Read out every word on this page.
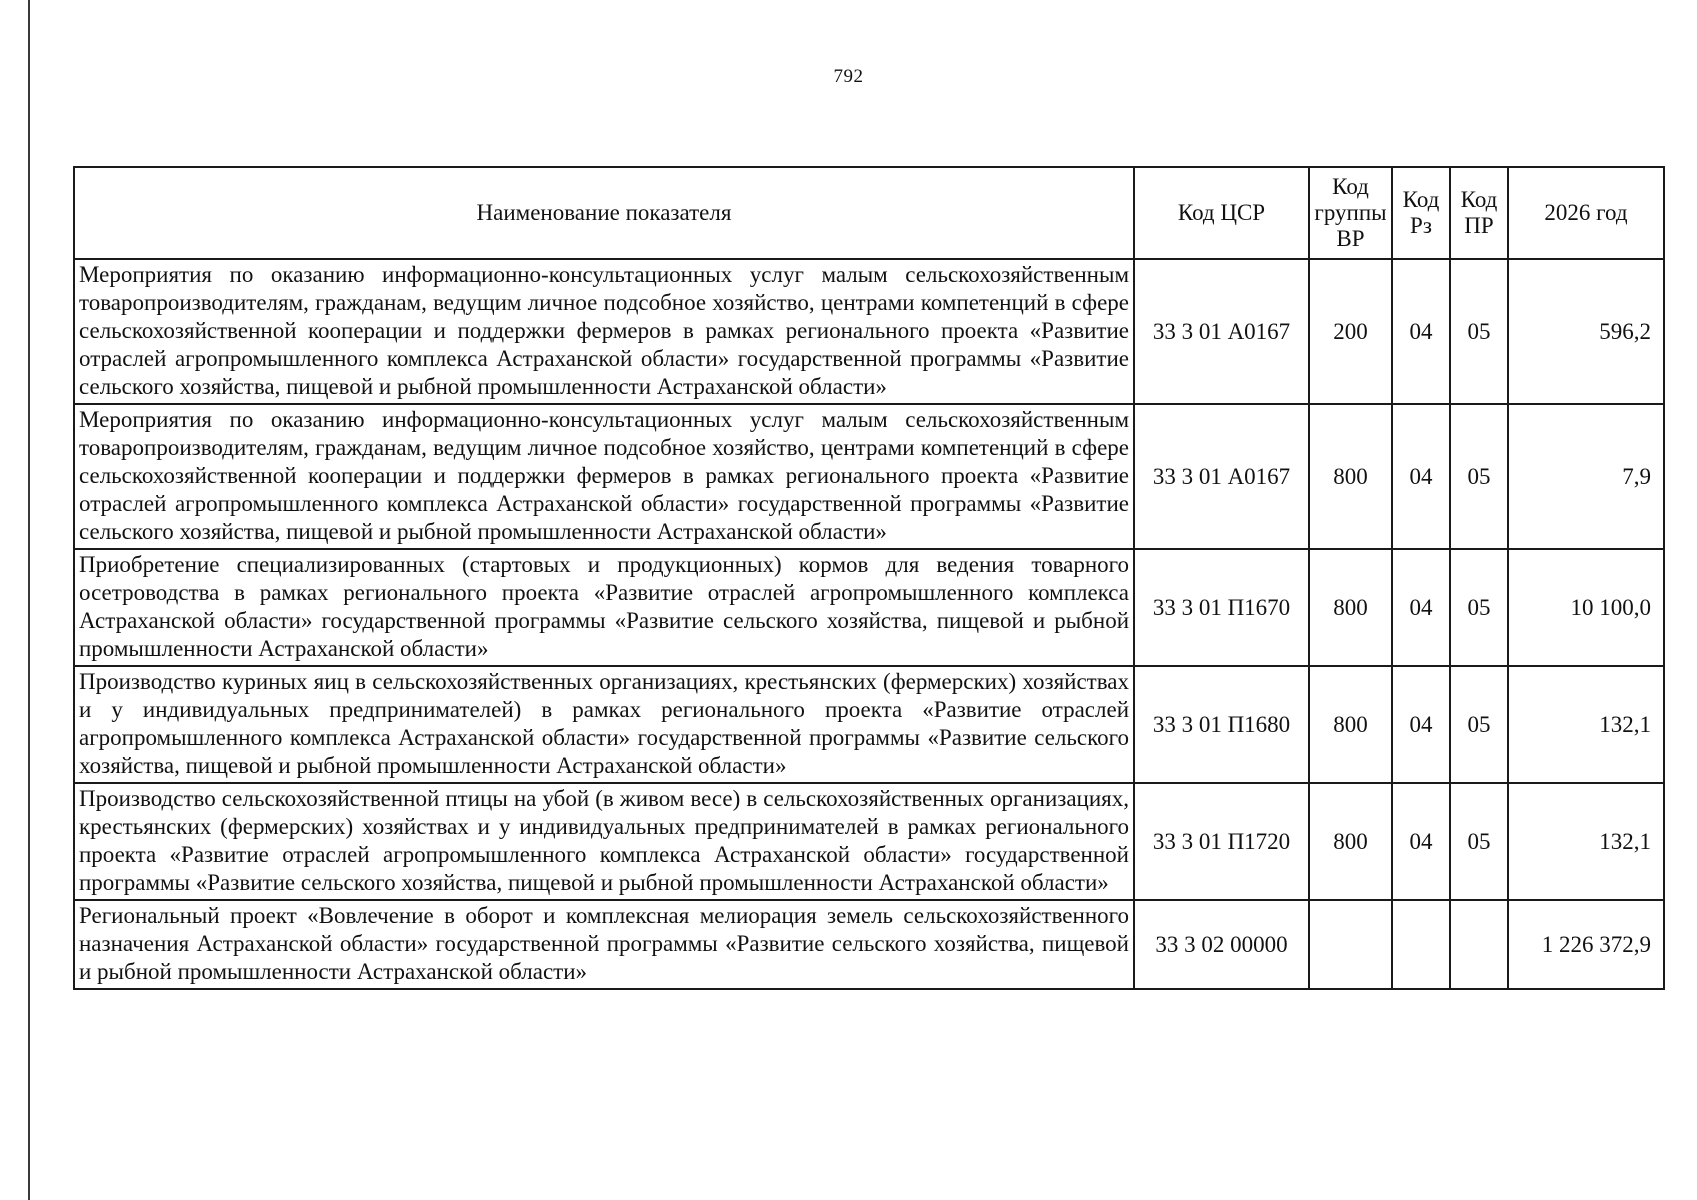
792
Наименование показателя	Код ЦСР	Код группы ВР	Код Рз	Код ПР	2026 год
Мероприятия по оказанию информационно-консультационных услуг малым сельскохозяйственным товаропроизводителям, гражданам, ведущим личное подсобное хозяйство, центрами компетенций в сфере сельскохозяйственной кооперации и поддержки фермеров в рамках регионального проекта «Развитие отраслей агропромышленного комплекса Астраханской области» государственной программы «Развитие сельского хозяйства, пищевой и рыбной промышленности Астраханской области»	33 3 01 А0167	200	04	05	596,2
Мероприятия по оказанию информационно-консультационных услуг малым сельскохозяйственным товаропроизводителям, гражданам, ведущим личное подсобное хозяйство, центрами компетенций в сфере сельскохозяйственной кооперации и поддержки фермеров в рамках регионального проекта «Развитие отраслей агропромышленного комплекса Астраханской области» государственной программы «Развитие сельского хозяйства, пищевой и рыбной промышленности Астраханской области»	33 3 01 А0167	800	04	05	7,9
Приобретение специализированных (стартовых и продукционных) кормов для ведения товарного осетроводства в рамках регионального проекта «Развитие отраслей агропромышленного комплекса Астраханской области» государственной программы «Развитие сельского хозяйства, пищевой и рыбной промышленности Астраханской области»	33 3 01 П1670	800	04	05	10 100,0
Производство куриных яиц в сельскохозяйственных организациях, крестьянских (фермерских) хозяйствах и у индивидуальных предпринимателей) в рамках регионального проекта «Развитие отраслей агропромышленного комплекса Астраханской области» государственной программы «Развитие сельского хозяйства, пищевой и рыбной промышленности Астраханской области»	33 3 01 П1680	800	04	05	132,1
Производство сельскохозяйственной птицы на убой (в живом весе) в сельскохозяйственных организациях, крестьянских (фермерских) хозяйствах и у индивидуальных предпринимателей в рамках регионального проекта «Развитие отраслей агропромышленного комплекса Астраханской области» государственной программы «Развитие сельского хозяйства, пищевой и рыбной промышленности Астраханской области»	33 3 01 П1720	800	04	05	132,1
Региональный проект «Вовлечение в оборот и комплексная мелиорация земель сельскохозяйственного назначения Астраханской области» государственной программы «Развитие сельского хозяйства, пищевой и рыбной промышленности Астраханской области»	33 3 02 00000				1 226 372,9
